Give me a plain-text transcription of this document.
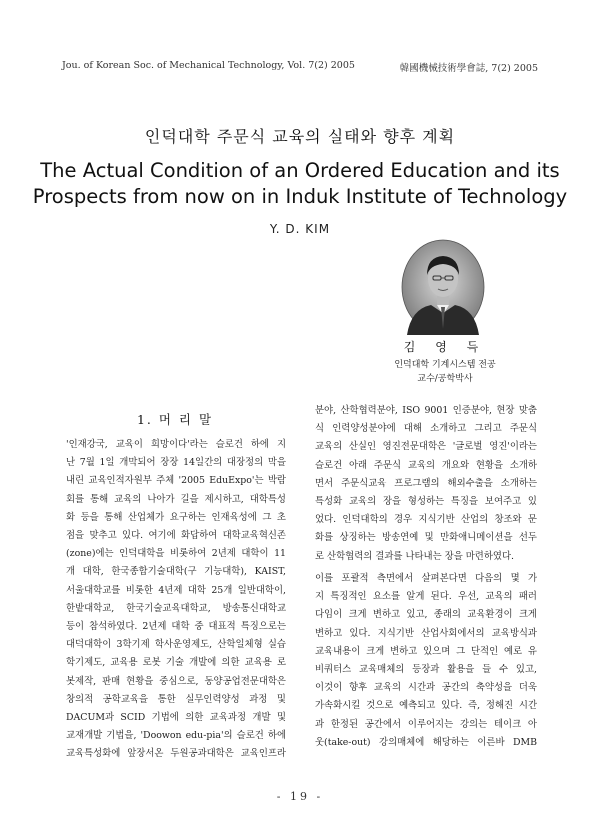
Jou. of Korean Soc. of Mechanical Technology, Vol. 7(2) 2005	韓國機械技術學會誌, 7(2) 2005
인덕대학 주문식 교육의 실태와 향후 계획
The Actual Condition of an Ordered Education and its
Prospects from now on in Induk Institute of Technology
Y. D. KIM
김 영 득
인덕대학 기계시스템 전공
교수/공학박사
1. 머 리 말
'인재강국, 교육이 희망이다'라는 슬로건 하에 지
난 7월 1일 개막되어 장장 14일간의 대장정의 막을
내린 교육인적자원부 주체 '2005 EduExpo'는 박람
회를 통해 교육의 나아가 길을 제시하고, 대학특성
화 등을 통해 산업체가 요구하는 인재육성에 그 초
점을 맞추고 있다. 여기에 화답하여 대학교육혁신존
(zone)에는 인덕대학을 비롯하여 2년제 대학이 11
개 대학, 한국종합기술대학(구 기능대학), KAIST,
서울대학교를 비롯한 4년제 대학 25개 일반대학이,
한밭대학교, 한국기술교육대학교, 방송통신대학교
등이 참석하였다. 2년제 대학 중 대표적 특징으로는
대덕대학이 3학기제 학사운영제도, 산학일체형 실습
학기제도, 교육용 로봇 기술 개발에 의한 교육용 로
봇제작, 판매 현황을 중심으로, 동양공업전문대학은
창의적 공학교육을 통한 실무인력양성 과정 및
DACUM과 SCID 기법에 의한 교육과정 개발 및
교재개발 기법을, 'Doowon edu-pia'의 슬로건 하에
교육특성화에 앞장서온 두원공과대학은 교육인프라
분야, 산학협력분야, ISO 9001 인증분야, 현장 맞춤
식 인력양성분야에 대해 소개하고 그리고 주문식
교육의 산실인 영진전문대학은 '글로벌 영진'이라는
슬로건 아래 주문식 교육의 개요와 현황을 소개하
면서 주문식교육 프로그램의 해외수출을 소개하는
특성화 교육의 장을 형성하는 특징을 보여주고 있
었다. 인덕대학의 경우 지식기반 산업의 창조와 문
화를 상징하는 방송연예 및 만화애니메이션을 선두
로 산학협력의 결과를 나타내는 장을 마련하였다.
이를 포괄적 측면에서 살펴본다면 다음의 몇 가
지 특징적인 요소를 알게 된다. 우선, 교육의 패러
다임이 크게 변하고 있고, 종래의 교육환경이 크게
변하고 있다. 지식기반 산업사회에서의 교육방식과
교육내용이 크게 변하고 있으며 그 단적인 예로 유
비쿼터스 교육매체의 등장과 활용을 들 수 있고,
이것이 향후 교육의 시간과 공간의 축약성을 더욱
가속화시킬 것으로 예측되고 있다. 즉, 정해진 시간
과 한정된 공간에서 이루어지는 강의는 테이크 아
웃(take-out) 강의매체에 해당하는 이른바 DMB
- 19 -
